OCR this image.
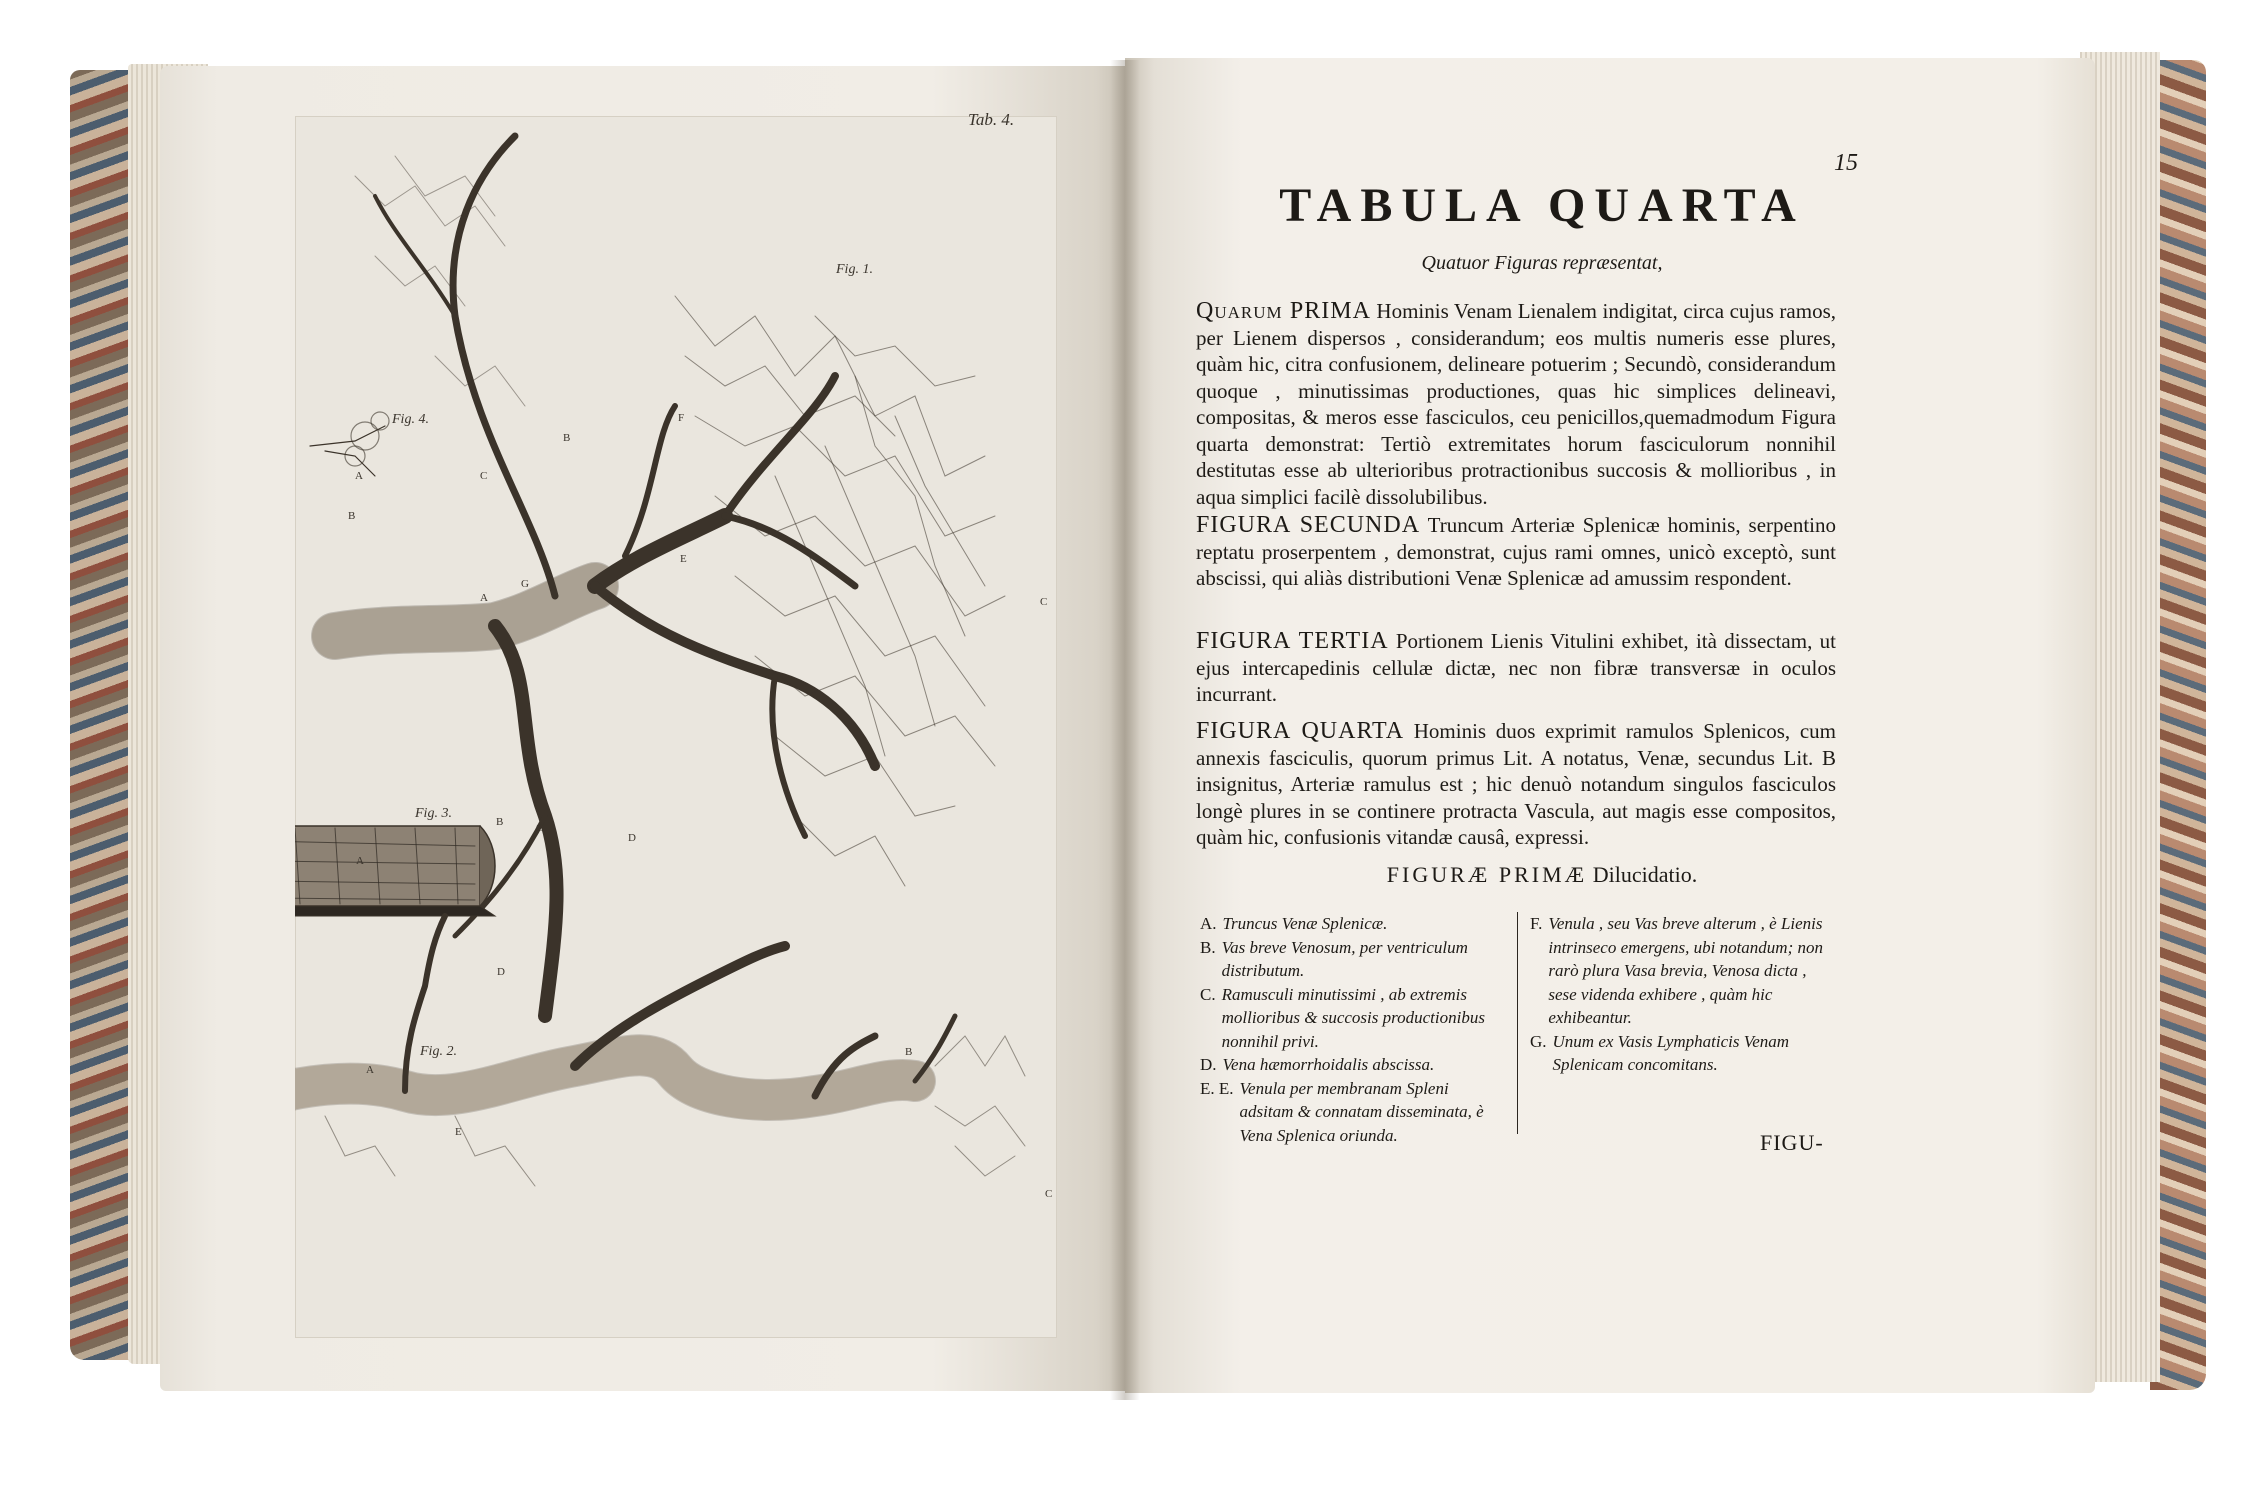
Tab. 4.
Fig. 1.
Fig. 2.
Fig. 3.
Fig. 4.
A
B
C
D
E
F
G
A
B
C
D
E
A
B	C
A
B
C
15
TABULA QUARTA
Quatuor Figuras repræsentat,
Quarum PRIMA Hominis Venam Lienalem indigitat, circa cujus ramos, per Lienem dispersos , considerandum; eos multis numeris esse plures, quàm hic, citra confusionem, delineare potuerim ; Secundò, considerandum quoque , minutissimas productiones, quas hic simplices delineavi, compositas, & meros esse fasciculos, ceu penicillos,quemadmodum Figura quarta demonstrat: Tertiò extremitates horum fasciculorum nonnihil destitutas esse ab ulterioribus protractionibus succosis & mollioribus , in aqua simplici facilè dissolubilibus.
FIGURA SECUNDA Truncum Arteriæ Splenicæ hominis, serpentino reptatu proserpentem , demonstrat, cujus rami omnes, unicò exceptò, sunt abscissi, qui aliàs distributioni Venæ Splenicæ ad amussim respondent.
FIGURA TERTIA Portionem Lienis Vitulini exhibet, ità dissectam, ut ejus intercapedinis cellulæ dictæ, nec non fibræ transversæ in oculos incurrant.
FIGURA QUARTA Hominis duos exprimit ramulos Splenicos, cum annexis fasciculis, quorum primus Lit. A notatus, Venæ, secundus Lit. B insignitus, Arteriæ ramulus est ; hic denuò notandum singulos fasciculos longè plures in se continere protracta Vascula, aut magis esse compositos, quàm hic, confusionis vitandæ causâ, expressi.
FIGURÆ PRIMÆ Dilucidatio.
A. Truncus Venæ Splenicæ.
B. Vas breve Venosum, per ventriculum distributum.
C. Ramusculi minutissimi , ab extremis mollioribus & succosis productionibus nonnihil privi.
D. Vena hæmorrhoidalis abscissa.
E. E. Venula per membranam Spleni adsitam & connatam disseminata, è Vena Splenica oriunda.
F. Venula , seu Vas breve alterum , è Lienis intrinseco emergens, ubi notandum; non rarò plura Vasa brevia, Venosa dicta , sese videnda exhibere , quàm hic exhibeantur.
G. Unum ex Vasis Lymphaticis Venam Splenicam concomitans.
FIGU-
